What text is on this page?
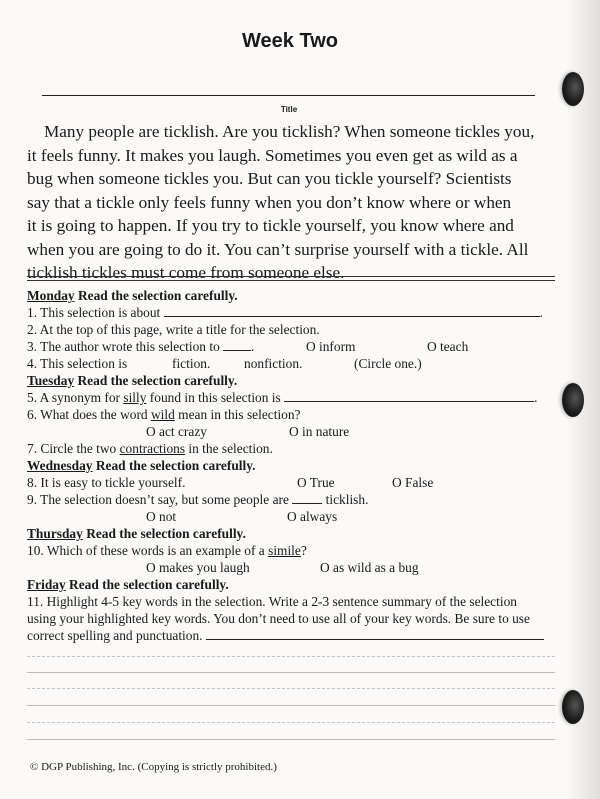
Week Two
Title
Many people are ticklish. Are you ticklish? When someone tickles you,
it feels funny. It makes you laugh. Sometimes you even get as wild as a
bug when someone tickles you. But can you tickle yourself? Scientists
say that a tickle only feels funny when you don’t know where or when
it is going to happen. If you try to tickle yourself, you know where and
when you are going to do it. You can’t surprise yourself with a tickle. All
ticklish tickles must come from someone else.
Monday Read the selection carefully.
1. This selection is about	.
2. At the top of this page, write a title for the selection.
3. The author wrote this selection to .	O inform	O teach
4. This selection is	fiction.	nonfiction.	(Circle one.)
Tuesday Read the selection carefully.
5. A synonym for silly found in this selection is	.
6. What does the word wild mean in this selection?
O act crazy	O in nature
7. Circle the two contractions in the selection.
Wednesday Read the selection carefully.
8. It is easy to tickle yourself.	O True	O False
9. The selection doesn’t say, but some people are	ticklish.
O not	O always
Thursday Read the selection carefully.
10. Which of these words is an example of a simile?
O makes you laugh	O as wild as a bug
Friday Read the selection carefully.
11. Highlight 4-5 key words in the selection. Write a 2-3 sentence summary of the selection
using your highlighted key words. You don’t need to use all of your key words. Be sure to use
correct spelling and punctuation.
© DGP Publishing, Inc. (Copying is strictly prohibited.)
